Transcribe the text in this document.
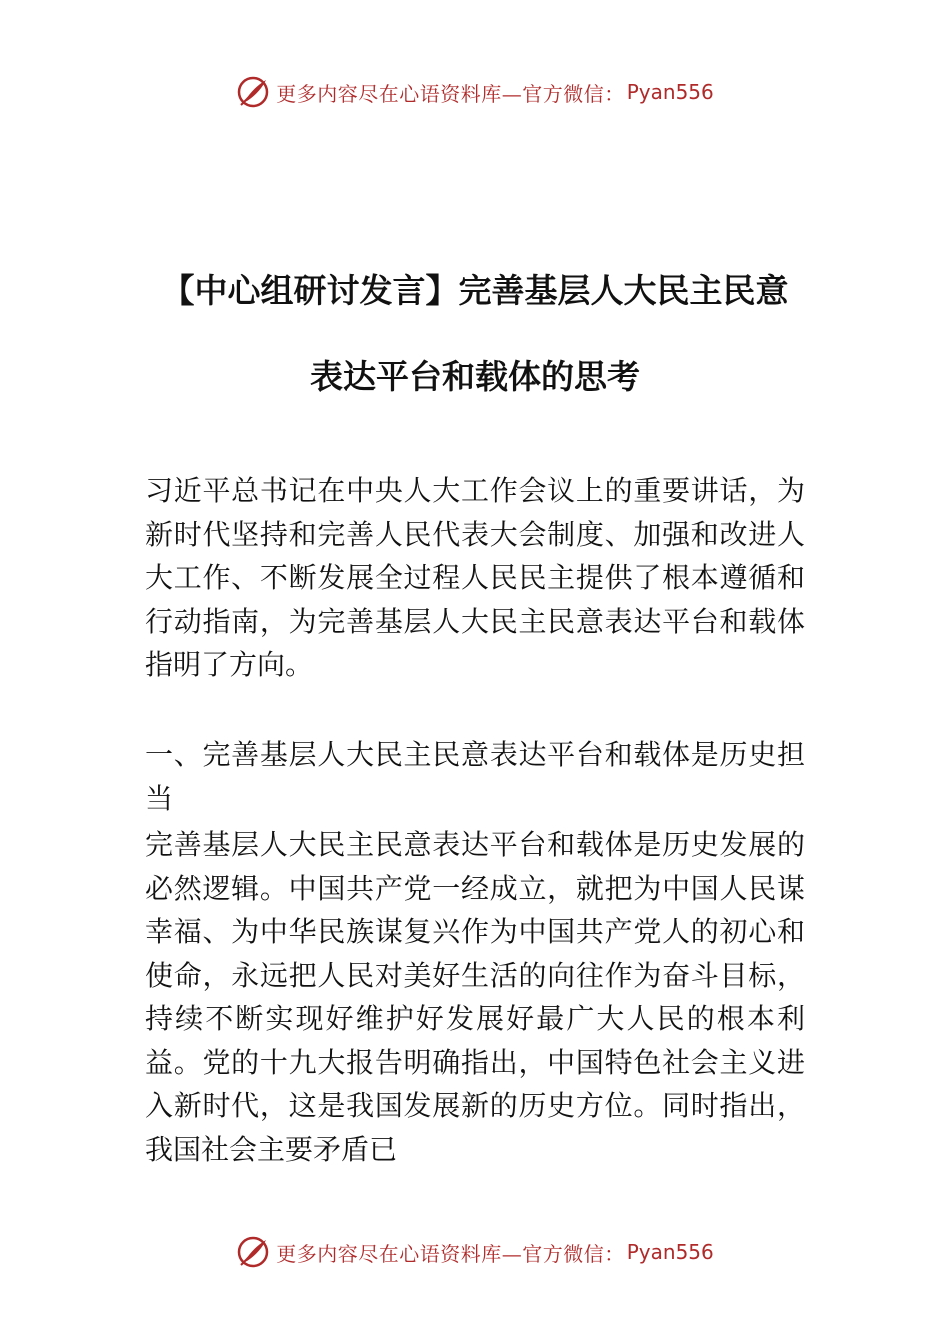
更多内容尽在心语资料库—官方微信： Pyan556
【中心组研讨发言】完善基层人大民主民意
表达平台和载体的思考

习近平总书记在中央人大工作会议上的重要讲话，为新时代坚持和完善人民代表大会制度、加强和改进人大工作、不断发展全过程人民民主提供了根本遵循和行动指南，为完善基层人大民主民意表达平台和载体指明了方向。

一、完善基层人大民主民意表达平台和载体是历史担当

完善基层人大民主民意表达平台和载体是历史发展的必然逻辑。中国共产党一经成立，就把为中国人民谋幸福、为中华民族谋复兴作为中国共产党人的初心和使命，永远把人民对美好生活的向往作为奋斗目标，持续不断实现好维护好发展好最广大人民的根本利益。党的十九大报告明确指出，中国特色社会主义进入新时代，这是我国发展新的历史方位。同时指出，我国社会主要矛盾已

更多内容尽在心语资料库—官方微信： Pyan556
